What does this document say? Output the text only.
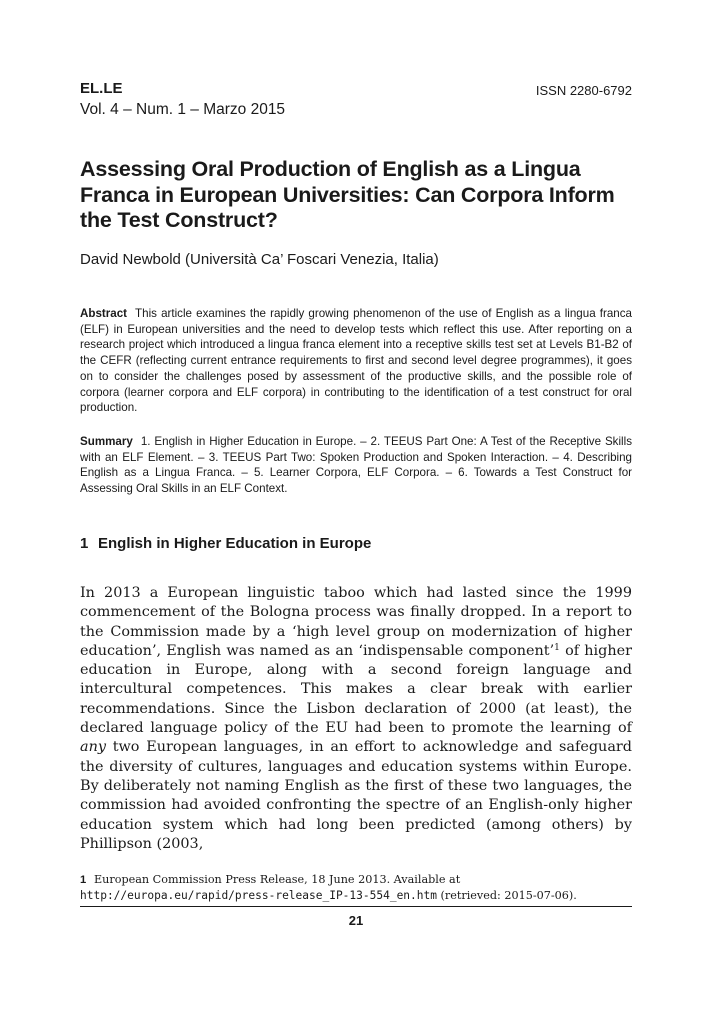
EL.LE
Vol. 4 – Num. 1 – Marzo 2015
ISSN 2280-6792
Assessing Oral Production of English as a Lingua Franca in European Universities: Can Corpora Inform the Test Construct?
David Newbold (Università Ca’ Foscari Venezia, Italia)
Abstract This article examines the rapidly growing phenomenon of the use of English as a lingua franca (ELF) in European universities and the need to develop tests which reflect this use. After reporting on a research project which introduced a lingua franca element into a receptive skills test set at Levels B1-B2 of the CEFR (reflecting current entrance requirements to first and second level degree programmes), it goes on to consider the challenges posed by assessment of the productive skills, and the possible role of corpora (learner corpora and ELF corpora) in contributing to the identification of a test construct for oral production.
Summary 1. English in Higher Education in Europe. – 2. TEEUS Part One: A Test of the Receptive Skills with an ELF Element. – 3. TEEUS Part Two: Spoken Production and Spoken Interaction. – 4. Describing English as a Lingua Franca. – 5. Learner Corpora, ELF Corpora. – 6. Towards a Test Construct for Assessing Oral Skills in an ELF Context.
1 English in Higher Education in Europe

In 2013 a European linguistic taboo which had lasted since the 1999 commencement of the Bologna process was finally dropped. In a report to the Commission made by a ‘high level group on modernization of higher education’, English was named as an ‘indispensable component’$^1$ of higher education in Europe, along with a second foreign language and intercultural competences. This makes a clear break with earlier recommendations. Since the Lisbon declaration of 2000 (at least), the declared language policy of the EU had been to promote the learning of any two European languages, in an effort to acknowledge and safeguard the diversity of cultures, languages and education systems within Europe. By deliberately not naming English as the first of these two languages, the commission had avoided confronting the spectre of an English-only higher education system which had long been predicted (among others) by Phillipson (2003,

1 European Commission Press Release, 18 June 2013. Available at http://europa.eu/rapid/press-release_IP-13-554_en.htm (retrieved: 2015-07-06).
21
